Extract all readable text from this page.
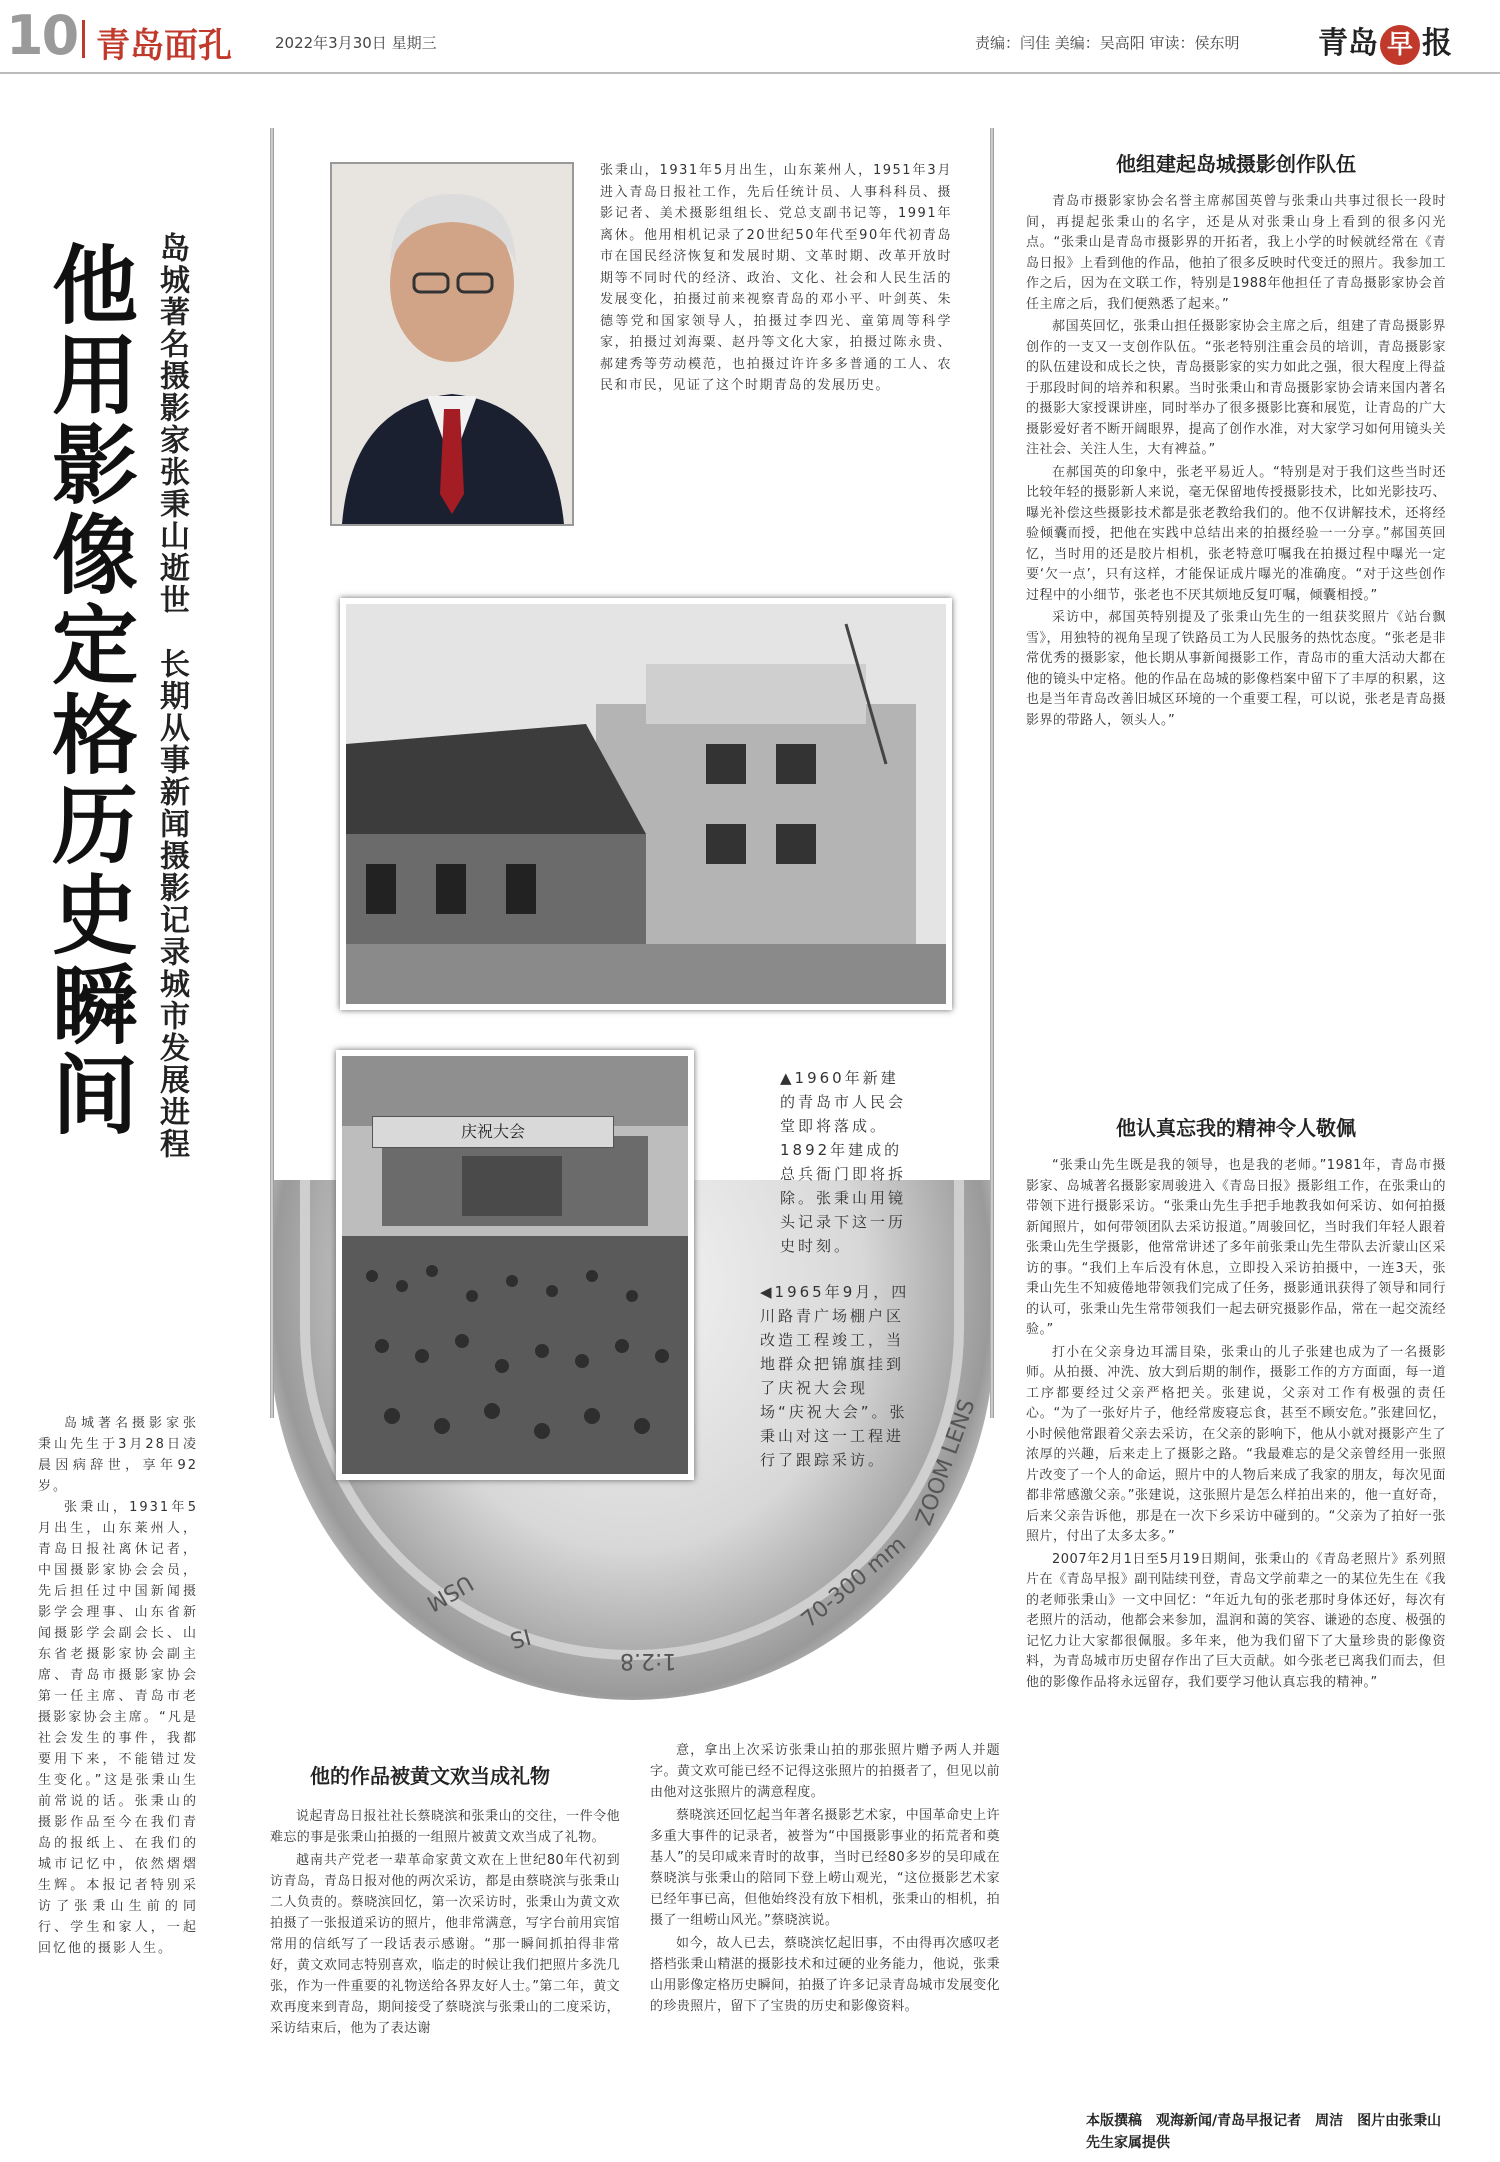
10 青岛面孔	2022年3月30日 星期三	责编：闫佳 美编：吴高阳 审读：侯东明	青岛 早 报
他用影像定格历史瞬间 岛城著名摄影家张秉山逝世　长期从事新闻摄影记录城市发展进程
ZOOM LENS
70-300 mm
1:2.8
USM
IS
张秉山，1931年5月出生，山东莱州人，1951年3月进入青岛日报社工作，先后任统计员、人事科科员、摄影记者、美术摄影组组长、党总支副书记等，1991年离休。他用相机记录了20世纪50年代至90年代初青岛市在国民经济恢复和发展时期、文革时期、改革开放时期等不同时代的经济、政治、文化、社会和人民生活的发展变化，拍摄过前来视察青岛的邓小平、叶剑英、朱德等党和国家领导人，拍摄过李四光、童第周等科学家，拍摄过刘海粟、赵丹等文化大家，拍摄过陈永贵、郝建秀等劳动模范，也拍摄过许许多多普通的工人、农民和市民，见证了这个时期青岛的发展历史。
庆祝大会
▲1960年新建的青岛市人民会堂即将落成。1892年建成的总兵衙门即将拆除。张秉山用镜头记录下这一历史时刻。
◀1965年9月，四川路青广场棚户区改造工程竣工，当地群众把锦旗挂到了庆祝大会现场“庆祝大会”。张秉山对这一工程进行了跟踪采访。
他组建起岛城摄影创作队伍

青岛市摄影家协会名誉主席郝国英曾与张秉山共事过很长一段时间，再提起张秉山的名字，还是从对张秉山身上看到的很多闪光点。“张秉山是青岛市摄影界的开拓者，我上小学的时候就经常在《青岛日报》上看到他的作品，他拍了很多反映时代变迁的照片。我参加工作之后，因为在文联工作，特别是1988年他担任了青岛摄影家协会首任主席之后，我们便熟悉了起来。”

郝国英回忆，张秉山担任摄影家协会主席之后，组建了青岛摄影界创作的一支又一支创作队伍。“张老特别注重会员的培训，青岛摄影家的队伍建设和成长之快，青岛摄影家的实力如此之强，很大程度上得益于那段时间的培养和积累。当时张秉山和青岛摄影家协会请来国内著名的摄影大家授课讲座，同时举办了很多摄影比赛和展览，让青岛的广大摄影爱好者不断开阔眼界，提高了创作水准，对大家学习如何用镜头关注社会、关注人生，大有裨益。”

在郝国英的印象中，张老平易近人。“特别是对于我们这些当时还比较年轻的摄影新人来说，毫无保留地传授摄影技术，比如光影技巧、曝光补偿这些摄影技术都是张老教给我们的。他不仅讲解技术，还将经验倾囊而授，把他在实践中总结出来的拍摄经验一一分享。”郝国英回忆，当时用的还是胶片相机，张老特意叮嘱我在拍摄过程中曝光一定要‘欠一点’，只有这样，才能保证成片曝光的准确度。“对于这些创作过程中的小细节，张老也不厌其烦地反复叮嘱，倾囊相授。”

采访中，郝国英特别提及了张秉山先生的一组获奖照片《站台飘雪》，用独特的视角呈现了铁路员工为人民服务的热忱态度。“张老是非常优秀的摄影家，他长期从事新闻摄影工作，青岛市的重大活动大都在他的镜头中定格。他的作品在岛城的影像档案中留下了丰厚的积累，这也是当年青岛改善旧城区环境的一个重要工程，可以说，张老是青岛摄影界的带路人，领头人。”

他认真忘我的精神令人敬佩

“张秉山先生既是我的领导，也是我的老师。”1981年，青岛市摄影家、岛城著名摄影家周骏进入《青岛日报》摄影组工作，在张秉山的带领下进行摄影采访。“张秉山先生手把手地教我如何采访、如何拍摄新闻照片，如何带领团队去采访报道。”周骏回忆，当时我们年轻人跟着张秉山先生学摄影，他常常讲述了多年前张秉山先生带队去沂蒙山区采访的事。“我们上车后没有休息，立即投入采访拍摄中，一连3天，张秉山先生不知疲倦地带领我们完成了任务，摄影通讯获得了领导和同行的认可，张秉山先生常带领我们一起去研究摄影作品，常在一起交流经验。”

打小在父亲身边耳濡目染，张秉山的儿子张建也成为了一名摄影师。从拍摄、冲洗、放大到后期的制作，摄影工作的方方面面，每一道工序都要经过父亲严格把关。张建说，父亲对工作有极强的责任心。“为了一张好片子，他经常废寝忘食，甚至不顾安危。”张建回忆，小时候他常跟着父亲去采访，在父亲的影响下，他从小就对摄影产生了浓厚的兴趣，后来走上了摄影之路。“我最难忘的是父亲曾经用一张照片改变了一个人的命运，照片中的人物后来成了我家的朋友，每次见面都非常感激父亲。”张建说，这张照片是怎么样拍出来的，他一直好奇，后来父亲告诉他，那是在一次下乡采访中碰到的。“父亲为了拍好一张照片，付出了太多太多。”

2007年2月1日至5月19日期间，张秉山的《青岛老照片》系列照片在《青岛早报》副刊陆续刊登，青岛文学前辈之一的某位先生在《我的老师张秉山》一文中回忆：“年近九旬的张老那时身体还好，每次有老照片的活动，他都会来参加，温润和蔼的笑容、谦逊的态度、极强的记忆力让大家都很佩服。多年来，他为我们留下了大量珍贵的影像资料，为青岛城市历史留存作出了巨大贡献。如今张老已离我们而去，但他的影像作品将永远留存，我们要学习他认真忘我的精神。”

岛城著名摄影家张秉山先生于3月28日凌晨因病辞世，享年92岁。

张秉山，1931年5月出生，山东莱州人，青岛日报社离休记者，中国摄影家协会会员，先后担任过中国新闻摄影学会理事、山东省新闻摄影学会副会长、山东省老摄影家协会副主席、青岛市摄影家协会第一任主席、青岛市老摄影家协会主席。“凡是社会发生的事件，我都要用下来，不能错过发生变化。”这是张秉山生前常说的话。张秉山的摄影作品至今在我们青岛的报纸上、在我们的城市记忆中，依然熠熠生辉。本报记者特别采访了张秉山生前的同行、学生和家人，一起回忆他的摄影人生。

他的作品被黄文欢当成礼物

说起青岛日报社社长蔡晓滨和张秉山的交往，一件令他难忘的事是张秉山拍摄的一组照片被黄文欢当成了礼物。

越南共产党老一辈革命家黄文欢在上世纪80年代初到访青岛，青岛日报对他的两次采访，都是由蔡晓滨与张秉山二人负责的。蔡晓滨回忆，第一次采访时，张秉山为黄文欢拍摄了一张报道采访的照片，他非常满意，写字台前用宾馆常用的信纸写了一段话表示感谢。“那一瞬间抓拍得非常好，黄文欢同志特别喜欢，临走的时候让我们把照片多洗几张，作为一件重要的礼物送给各界友好人士。”第二年，黄文欢再度来到青岛，期间接受了蔡晓滨与张秉山的二度采访，采访结束后，他为了表达谢

意，拿出上次采访张秉山拍的那张照片赠予两人并题字。黄文欢可能已经不记得这张照片的拍摄者了，但见以前由他对这张照片的满意程度。

蔡晓滨还回忆起当年著名摄影艺术家，中国革命史上许多重大事件的记录者，被誉为“中国摄影事业的拓荒者和奠基人”的吴印咸来青时的故事，当时已经80多岁的吴印咸在蔡晓滨与张秉山的陪同下登上崂山观光，“这位摄影艺术家已经年事已高，但他始终没有放下相机，张秉山的相机，拍摄了一组崂山风光。”蔡晓滨说。

如今，故人已去，蔡晓滨忆起旧事，不由得再次感叹老搭档张秉山精湛的摄影技术和过硬的业务能力，他说，张秉山用影像定格历史瞬间，拍摄了许多记录青岛城市发展变化的珍贵照片，留下了宝贵的历史和影像资料。

本版撰稿　观海新闻/青岛早报记者　周洁　图片由张秉山先生家属提供
